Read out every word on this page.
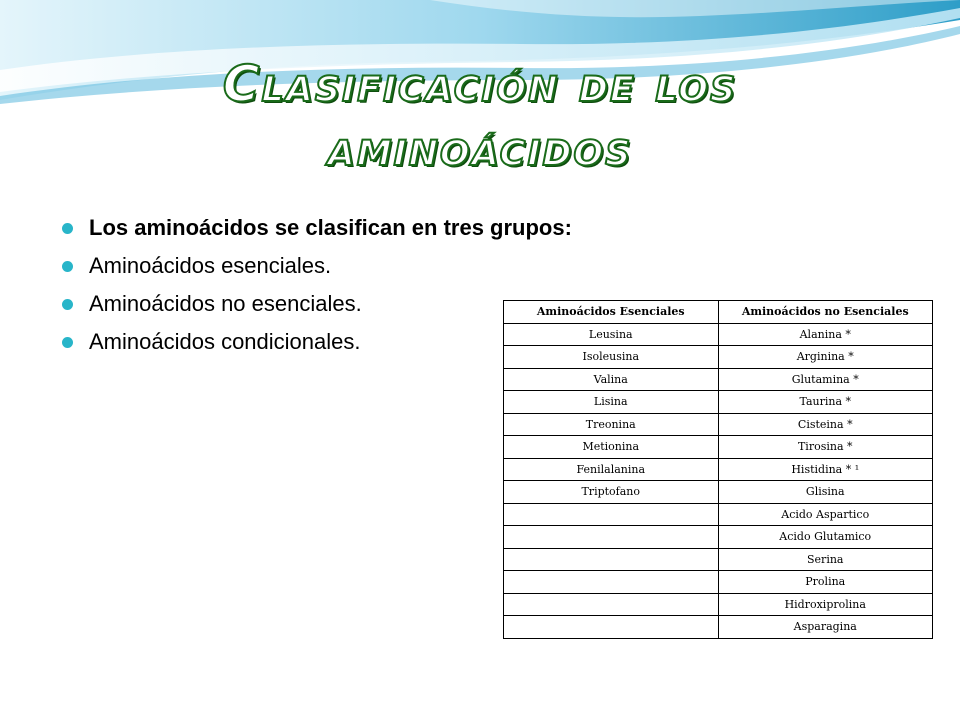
Clasificación de los
aminoácidos
Los aminoácidos se clasifican en tres grupos:
Aminoácidos esenciales.
Aminoácidos no esenciales.
Aminoácidos condicionales.
Aminoácidos Esenciales	Aminoácidos no Esenciales
Leusina	Alanina *
Isoleusina	Arginina *
Valina	Glutamina *
Lisina	Taurina *
Treonina	Cisteina *
Metionina	Tirosina *
Fenilalanina	Histidina * ¹
Triptofano	Glisina
	Acido Aspartico
	Acido Glutamico
	Serina
	Prolina
	Hidroxiprolina
	Asparagina
